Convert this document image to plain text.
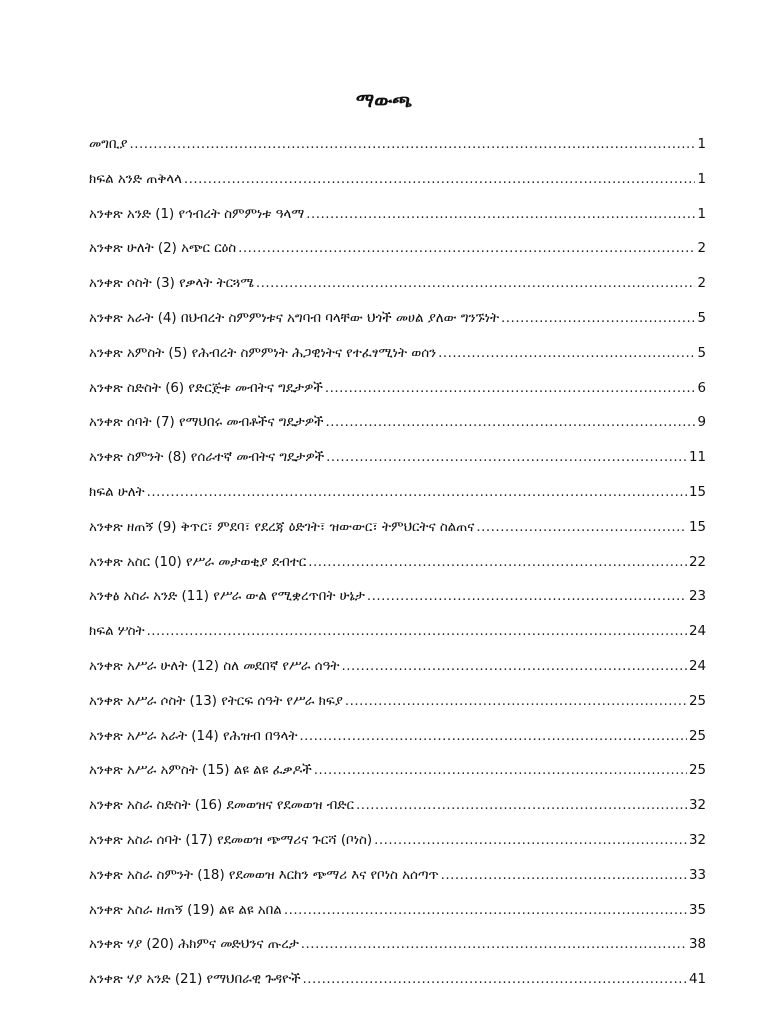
ማውጫ
መግቢያ .....	1
ክፍል አንድ ጠቅላላ .....	1
አንቀጽ አንድ (1) የኅብረት ስምምነቱ ዓላማ .....	1
አንቀጽ ሁለት (2) አጭር ርዕስ .....	2
አንቀጽ ሶስት (3) የቃላት ትርጓሜ .....	2
አንቀጽ አራት (4) በህብረት ስምምነቱና አግባብ ባላቸው ህጎች መሀል ያለው ግንኙነት .....	5
አንቀጽ አምስት (5) የሕብረት ስምምነት ሕጋዊነትና የተፈፃሚነት ወሰን .....	5
አንቀጽ ስድስት (6) የድርጅቱ መብትና ግዴታዎች .....	6
አንቀጽ ሰባት (7) የማህበሩ መብቶችና ግዴታዎች .....	9
አንቀጽ ስምንት (8) የሰራተኛ መብትና ግዴታዎች .....	11
ክፍል ሁለት .....	15
አንቀጽ ዘጠኝ (9) ቅጥር፣ ምደባ፣ የደረጃ ዕድገት፣ ዝውውር፣ ትምህርትና ስልጠና .....	15
አንቀጽ አስር (10) የሥራ መታወቂያ ደብተር .....	22
አንቀፅ አስራ አንድ (11) የሥራ ውል የሚቋረጥበት ሁኔታ .....	23
ክፍል ሦስት .....	24
አንቀጽ አሥራ ሁለት (12) ስለ መደበኛ የሥራ ሰዓት .....	24
አንቀጽ አሥራ ሶስት (13) የትርፍ ሰዓት የሥራ ክፍያ .....	25
አንቀጽ አሥራ አራት (14) የሕዝብ በዓላት .....	25
አንቀጽ አሥራ አምስት (15) ልዩ ልዩ ፈቃዶች .....	25
አንቀጽ አስራ ስድስት (16) ደመወዝና የደመወዝ ብድር .....	32
አንቀጽ አስራ ሰባት (17) የደመወዝ ጭማሪና ጉርሻ (ቦነስ) .....	32
አንቀጽ አስራ ስምንት (18) የደመወዝ እርከን ጭማሪ እና የቦነስ አሰጣጥ .....	33
አንቀጽ አስራ ዘጠኝ (19) ልዩ ልዩ አበል .....	35
አንቀጽ ሃያ (20) ሕክምና መድህንና ጡረታ .....	38
አንቀጽ ሃያ አንድ (21) የማህበራዊ ጉዳዮች .....	41
